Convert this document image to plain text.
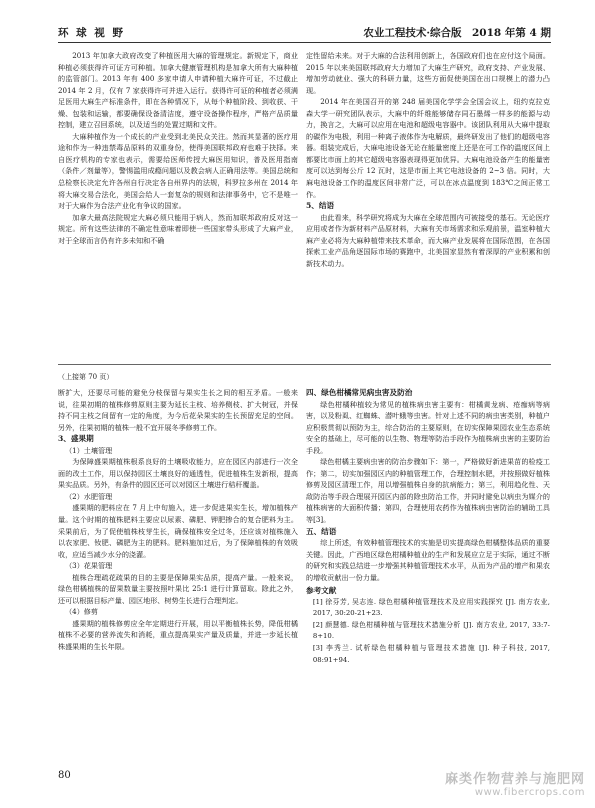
环 球 视 野	农业工程技术·综合版　2018 年第 4 期

2013 年加拿大政府改变了种植医用大麻的管理规定。新规定下，商业种植必须获得许可证方可种植。加拿大健康管理机构是加拿大所有大麻种植的监管部门。2013 年有 400 多家申请人申请种植大麻许可证，不过截止 2014 年 2 月，仅有 7 家获得许可并进入运行。获得许可证的种植者必须满足医用大麻生产标准条件，即在各种情况下，从每个种植阶段、到收获、干燥、包装和运输，都要确保设备清洁度，遵守设备操作程序，严格产品质量控制，建立召回系统，以及适当的处置过期和文件。

大麻种植作为一个成长的产业受到北美民众关注。然而其显著的医疗用途和作为一种违禁毒品原料的双重身份，使得美国联邦政府也难于抉择。来自医疗机构的专家也表示，需要给医师传授大麻医用知识，普及医用指南（条件／剂量等），警惕滥用成瘾问题以及教会病人正确用法等。美国总统和总检察长决定允许各州自行决定各自州界内的法规，科罗拉多州在 2014 年将大麻交易合法化，美国会给人一套复杂的规则和法律事务中，它不是唯一对于大麻作为合法产业化有争议的国家。

加拿大最高法院规定大麻必须只能用于病人，然而加联邦政府反对这一规定。所有这些法律的不确定性意味着即使一些国家带头形成了大麻产业，对于全球而言仍有许多未知和不确

定性留给未来。对于大麻的合法利用创新上，各国政府们也在应付这个局面。2015 年以来美国联邦政府大力增加了大麻生产研究，政府支持、产业发展、增加劳动就业、强大的科研力量，这些方面促使美国在出口规模上的潜力凸现。

2014 年在美国召开的第 248 届美国化学学会全国会议上，纽约克拉克森大学一研究团队表示，大麻中的纤维能够储存同石墨烯一样多的能源与动力，换言之，大麻可以应用在电池和超级电容器中。该团队利用从大麻中提取的碳作为电极，利用一种离子液体作为电解质，最终研发出了他们的超级电容器。组装完成后，大麻电池设备无论在能量密度上还是在可工作的温度区间上都要比市面上的其它超级电容器表现得更加优异。大麻电池设备产生的能量密度可以达到每公斤 12 瓦时，这是市面上其它电池设备的 2~3 倍。同时，大麻电池设备工作的温度区间非常广泛，可以在冰点温度到 183℃之间正常工作。

5、结语

由此看来，科学研究将成为大麻在全球范围内可被接受的基石。无论医疗应用或者作为新材料产品原材料，大麻有关市场需求和乐观前景，温室种植大麻产业必将为大麻种植带来技术革命，而大麻产业发展将在国际范围，在各国探索工业产品角逐国际市场的赛跑中，北美国家显然有着深厚的产业积累和创新技术动力。

（上接第 70 页）

断扩大，还要尽可能的避免分枝保留与果实生长之间的相互矛盾。一般来说，往果初期的植株修剪原则主要为延长主枝、培养侧枝、扩大树冠，并保持不同主枝之间留有一定的角度，为今后花朵果实的生长预留充足的空间。另外，往果初期的植株一般不宜开展冬季修剪工作。

3、盛果期

（1）土壤管理

为保障盛果期植株根系良好的土壤吸收能力，应在园区内部进行一次全面的改土工作，用以保持园区土壤良好的通透性，促进植株生发新根，提高果实品质。另外，有条件的园区还可以对园区土壤进行秸秆覆盖。

（2）水肥管理

盛果期的肥料应在 7 月上中旬施入，进一步促进果实生长，增加植株产量。这个时期的植株肥料主要应以尿素、磷肥、钾肥掺合的复合肥料为主。采果前后，为了促使植株枝芽生长，确保植株安全过冬，还应该对植株施入以农家肥、钕肥、磷肥为主的肥料。肥料施加过后，为了保障植株的有效吸收，应适当减少水分的浇灌。

（3）花果管理

植株合理疏花疏果的目的主要是保障果实品质，提高产量。一般来说，绿色柑橘植株的留果数量主要按照叶果比 25:1 进行计算留取。除此之外，还可以根据目标产量、园区地形、树势生长进行合理判定。

（4）修剪

盛果期的植株修剪应全年定期进行开展，用以平衡植株长势，降低柑橘植株不必要的营养流失和消耗，重点提高果实产量及质量，并进一步延长植株盛果期的生长年限。

四、绿色柑橘常见病虫害及防治

绿色柑橘种植较为常见的植株病虫害主要有：柑橘黄龙病、疮痂病等病害，以及粉虱、红蜘蛛、潜叶蛾等虫害。针对上述不同的病虫害类别，种植户应积极贯彻以预防为主，综合防治的主要原则，在切实保障果园农业生态系统安全的基础上，尽可能的以生物、物理等防治手段作为植株病虫害的主要防治手段。

绿色柑橘主要病虫害的防治步骤如下：第一，严格做好新进果苗的检疫工作；第二，切实加强园区内的种植管理工作，合理控制水肥，并按照做好植株修剪及园区清理工作，用以增强植株自身的抗病能力；第三，利用趋化性、天敌防治等手段合理展开园区内部的除虫防治工作，并同时避免以病虫为媒介的植株病害的大面积传播；第四，合理使用农药作为植株病虫害防治的辅助工具等[3]。

五、结语

综上所述，有效种植管理技术的实施是切实提高绿色柑橘整体品质的重要关键。因此，广西地区绿色柑橘种植业的生产和发展应立足于实际，通过不断的研究和实践总结进一步增强其种植管理技术水平，从而为产品的增产和果农的增收贡献出一份力量。

参考文献

[1] 徐芬芳, 吴志连. 绿色柑橘种植管理技术及应用实践探究 [J]. 南方农业, 2017, 30:20-21+23.

[2] 颜慧德. 绿色柑橘种植与管理技术措施分析 [J]. 南方农业, 2017, 33:7-8+10.

[3] 李秀兰. 试析绿色柑橘种植与管理技术措施 [J]. 种子科技, 2017, 08:91+94.

80	麻类作物营养与施肥网
www.fibercrops.com
